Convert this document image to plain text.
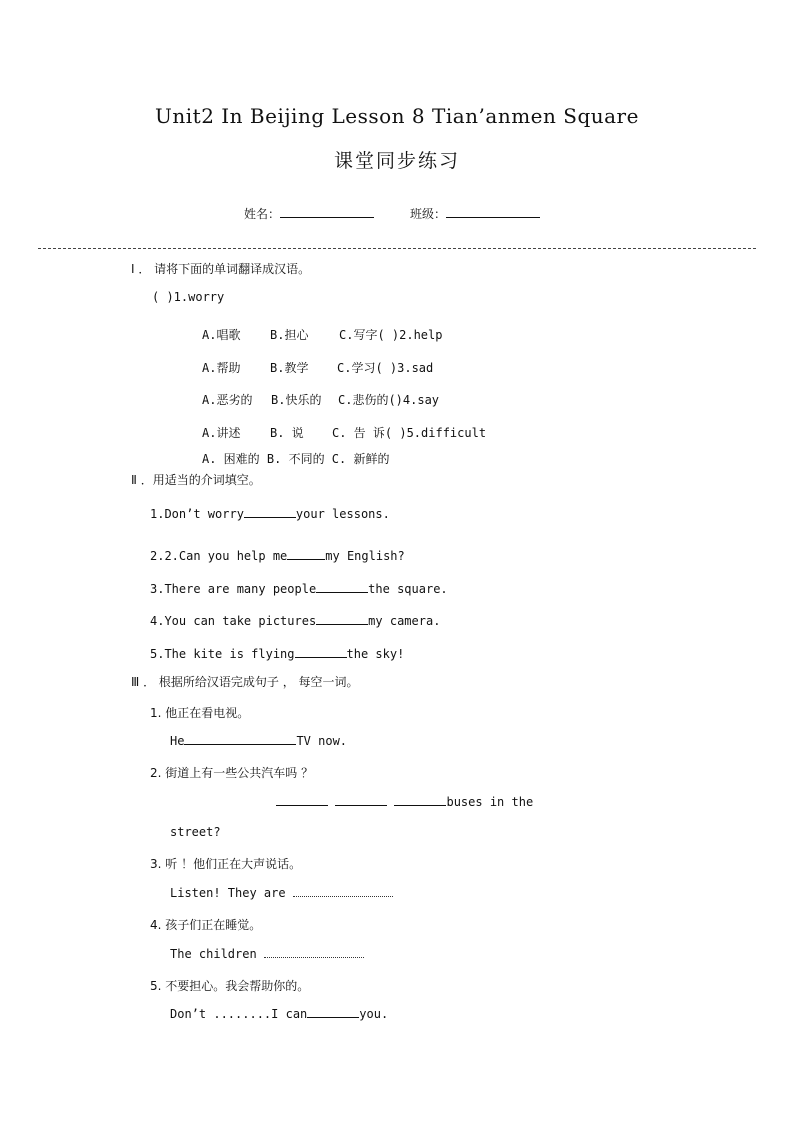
Unit2 In Beijing Lesson 8 Tian’anmen Square
课堂同步练习
姓名：	班级：
Ⅰ ． 请将下面的单词翻译成汉语。
( )1.worry
A.唱歌 B.担心	C.写字( )2.help
A.帮助 B.教学 C.学习( )3.sad
A.恶劣的 B.快乐的 C.悲伤的()4.say
A.讲述 B. 说 C. 告 诉( )5.difficult
A. 困难的 B. 不同的 C. 新鲜的
Ⅱ ．用适当的介词填空。
1.Don’t worry	your lessons.
2.2.Can you help me	my English?
3.There are many people	the square.
4.You can take pictures	my camera.
5.The kite is flying	the sky!
Ⅲ ． 根据所给汉语完成句子 ， 每空一词。
1. 他正在看电视。
He	TV now.
2. 街道上有一些公共汽车吗 ？
buses in the
street?
3. 听 ！他们正在大声说话。
Listen! They are
4. 孩子们正在睡觉。
The children
5. 不要担心。我会帮助你的。
Don’t ........I can	you.
